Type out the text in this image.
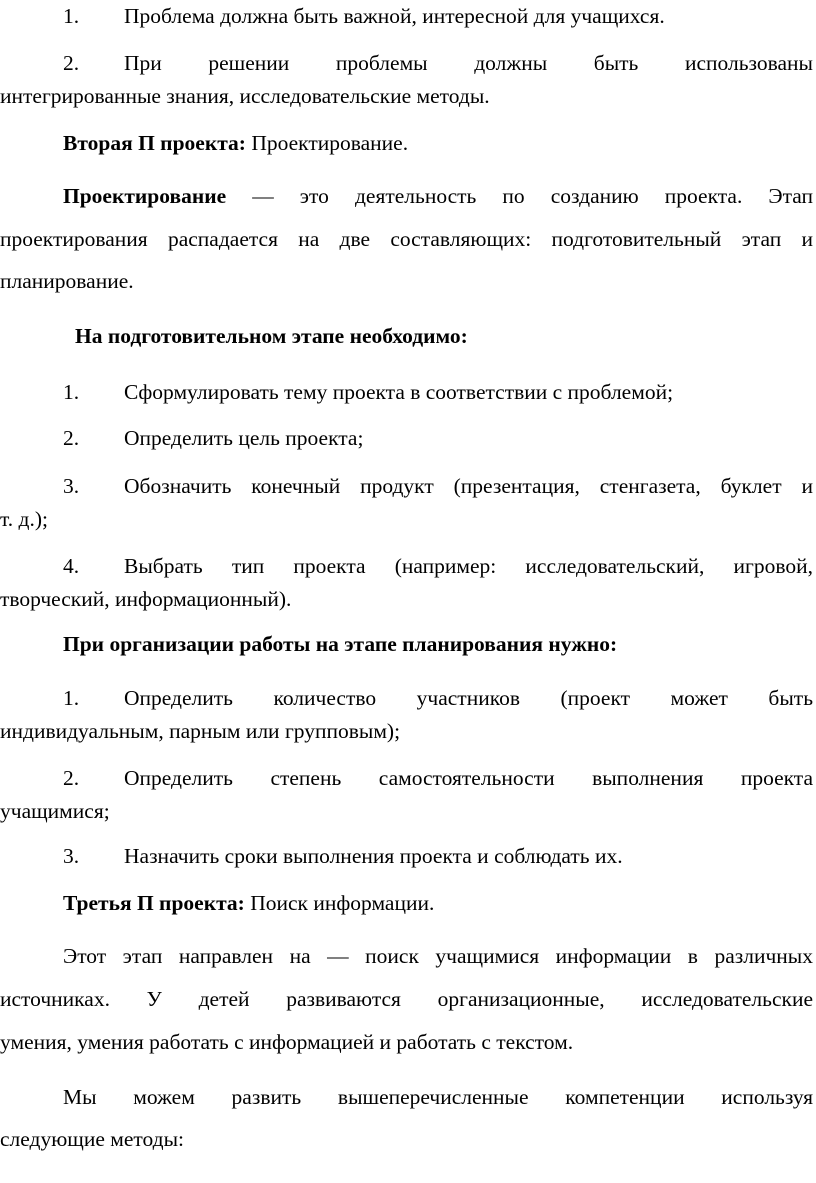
1. Проблема должна быть важной, интересной для учащихся.
2. При решении проблемы должны быть использованы
интегрированные знания, исследовательские методы.
Вторая П проекта: Проектирование.
Проектирование — это деятельность по созданию проекта. Этап
проектирования распадается на две составляющих: подготовительный этап и
планирование.
На подготовительном этапе необходимо:
1. Сформулировать тему проекта в соответствии с проблемой;
2. Определить цель проекта;
3. Обозначить конечный продукт (презентация, стенгазета, буклет и
т. д.);
4. Выбрать тип проекта (например: исследовательский, игровой,
творческий, информационный).
При организации работы на этапе планирования нужно:
1. Определить количество участников (проект может быть
индивидуальным, парным или групповым);
2. Определить степень самостоятельности выполнения проекта
учащимися;
3. Назначить сроки выполнения проекта и соблюдать их.
Третья П проекта: Поиск информации.
Этот этап направлен на — поиск учащимися информации в различных
источниках. У детей развиваются организационные, исследовательские
умения, умения работать с информацией и работать с текстом.
Мы можем развить вышеперечисленные компетенции используя
следующие методы:
